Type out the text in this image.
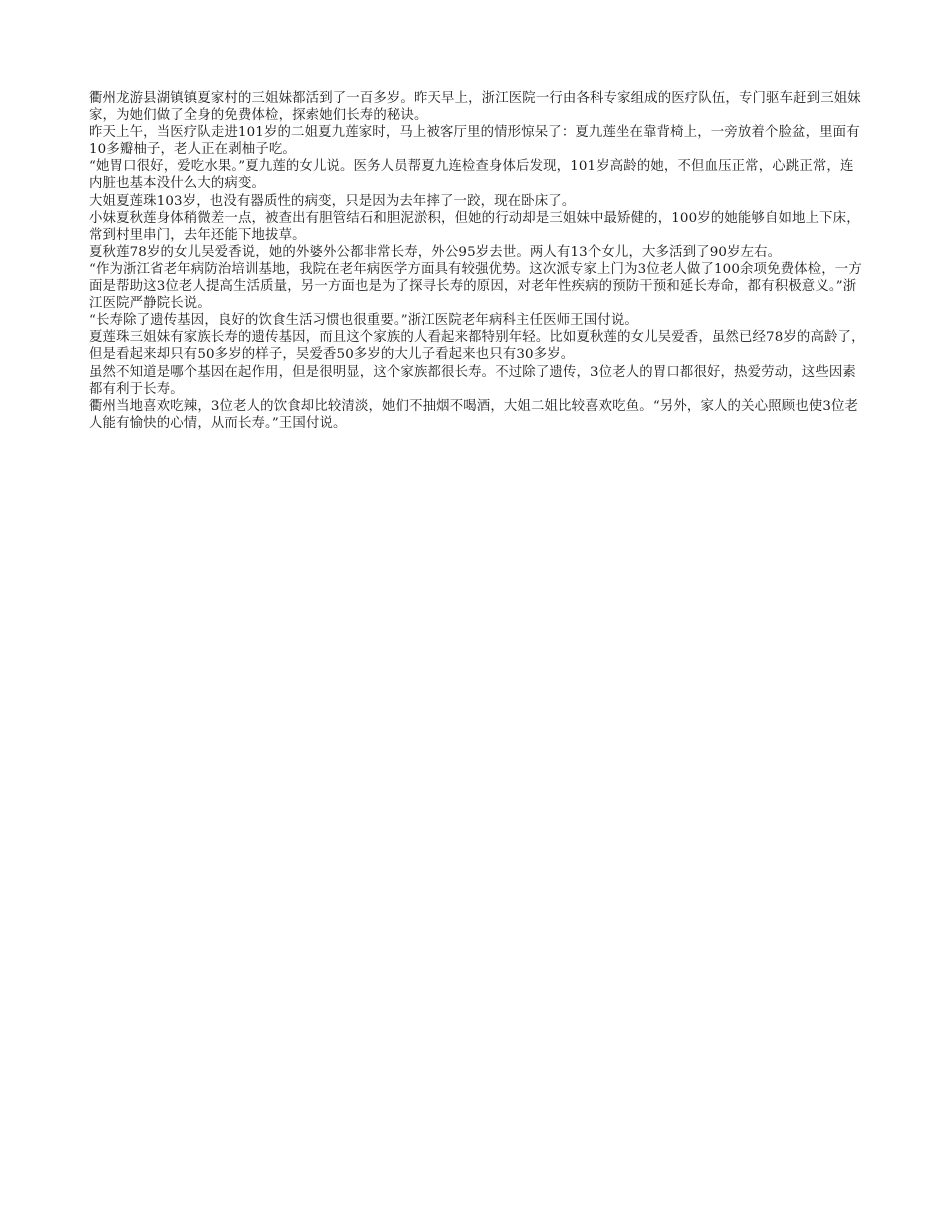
衢州龙游县湖镇镇夏家村的三姐妹都活到了一百多岁。昨天早上，浙江医院一行由各科专家组成的医疗队伍，专门驱车赶到三姐妹家，为她们做了全身的免费体检，探索她们长寿的秘诀。

昨天上午，当医疗队走进101岁的二姐夏九莲家时，马上被客厅里的情形惊呆了：夏九莲坐在靠背椅上，一旁放着个脸盆，里面有10多瓣柚子，老人正在剥柚子吃。

“她胃口很好，爱吃水果。”夏九莲的女儿说。医务人员帮夏九连检查身体后发现，101岁高龄的她，不但血压正常，心跳正常，连内脏也基本没什么大的病变。

大姐夏莲珠103岁，也没有器质性的病变，只是因为去年摔了一跤，现在卧床了。

小妹夏秋莲身体稍微差一点，被查出有胆管结石和胆泥淤积，但她的行动却是三姐妹中最矫健的，100岁的她能够自如地上下床，常到村里串门，去年还能下地拔草。

夏秋莲78岁的女儿吴爱香说，她的外婆外公都非常长寿，外公95岁去世。两人有13个女儿，大多活到了90岁左右。

“作为浙江省老年病防治培训基地，我院在老年病医学方面具有较强优势。这次派专家上门为3位老人做了100余项免费体检，一方面是帮助这3位老人提高生活质量，另一方面也是为了探寻长寿的原因，对老年性疾病的预防干预和延长寿命，都有积极意义。”浙江医院严静院长说。

“长寿除了遗传基因，良好的饮食生活习惯也很重要。”浙江医院老年病科主任医师王国付说。

夏莲珠三姐妹有家族长寿的遗传基因，而且这个家族的人看起来都特别年轻。比如夏秋莲的女儿吴爱香，虽然已经78岁的高龄了，但是看起来却只有50多岁的样子，吴爱香50多岁的大儿子看起来也只有30多岁。

虽然不知道是哪个基因在起作用，但是很明显，这个家族都很长寿。不过除了遗传，3位老人的胃口都很好，热爱劳动，这些因素都有利于长寿。

衢州当地喜欢吃辣，3位老人的饮食却比较清淡，她们不抽烟不喝酒，大姐二姐比较喜欢吃鱼。“另外，家人的关心照顾也使3位老人能有愉快的心情，从而长寿。”王国付说。
